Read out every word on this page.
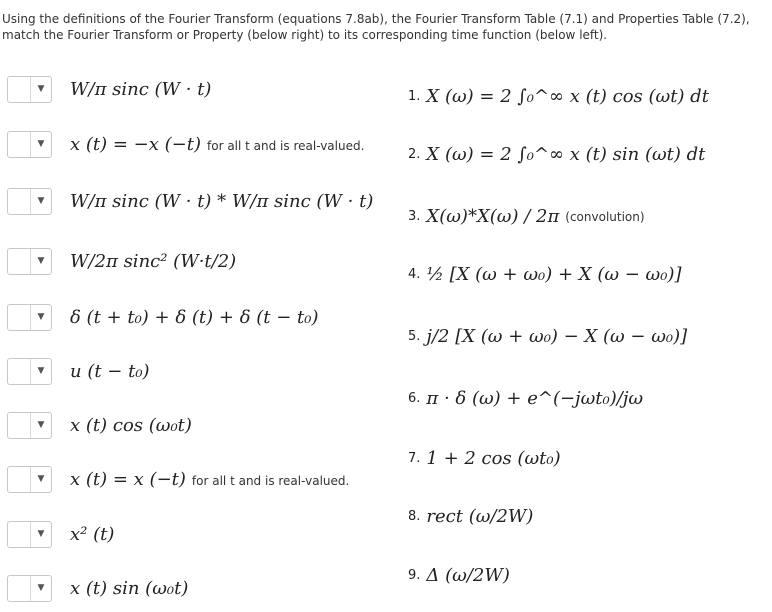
Using the definitions of the Fourier Transform (equations 7.8ab), the Fourier Transform Table (7.1) and Properties Table (7.2), match the Fourier Transform or Property (below right) to its corresponding time function (below left).
▼	W/π sinc (W · t)
▼	x (t) = −x (−t) for all t and is real-valued.
▼	W/π sinc (W · t) * W/π sinc (W · t)
▼	W/2π sinc² (W·t/2)
▼	δ (t + t₀) + δ (t) + δ (t − t₀)
▼	u (t − t₀)
▼	x (t) cos (ω₀t)
▼	x (t) = x (−t) for all t and is real-valued.
▼	x² (t)
▼	x (t) sin (ω₀t)
1. X (ω) = 2 ∫₀^∞ x (t) cos (ωt) dt
2. X (ω) = 2 ∫₀^∞ x (t) sin (ωt) dt
3. X(ω)*X(ω) / 2π (convolution)
4. ½ [X (ω + ω₀) + X (ω − ω₀)]
5. j/2 [X (ω + ω₀) − X (ω − ω₀)]
6. π · δ (ω) + e^(−jωt₀)/jω
7. 1 + 2 cos (ωt₀)
8. rect (ω/2W)
9. Δ (ω/2W)
